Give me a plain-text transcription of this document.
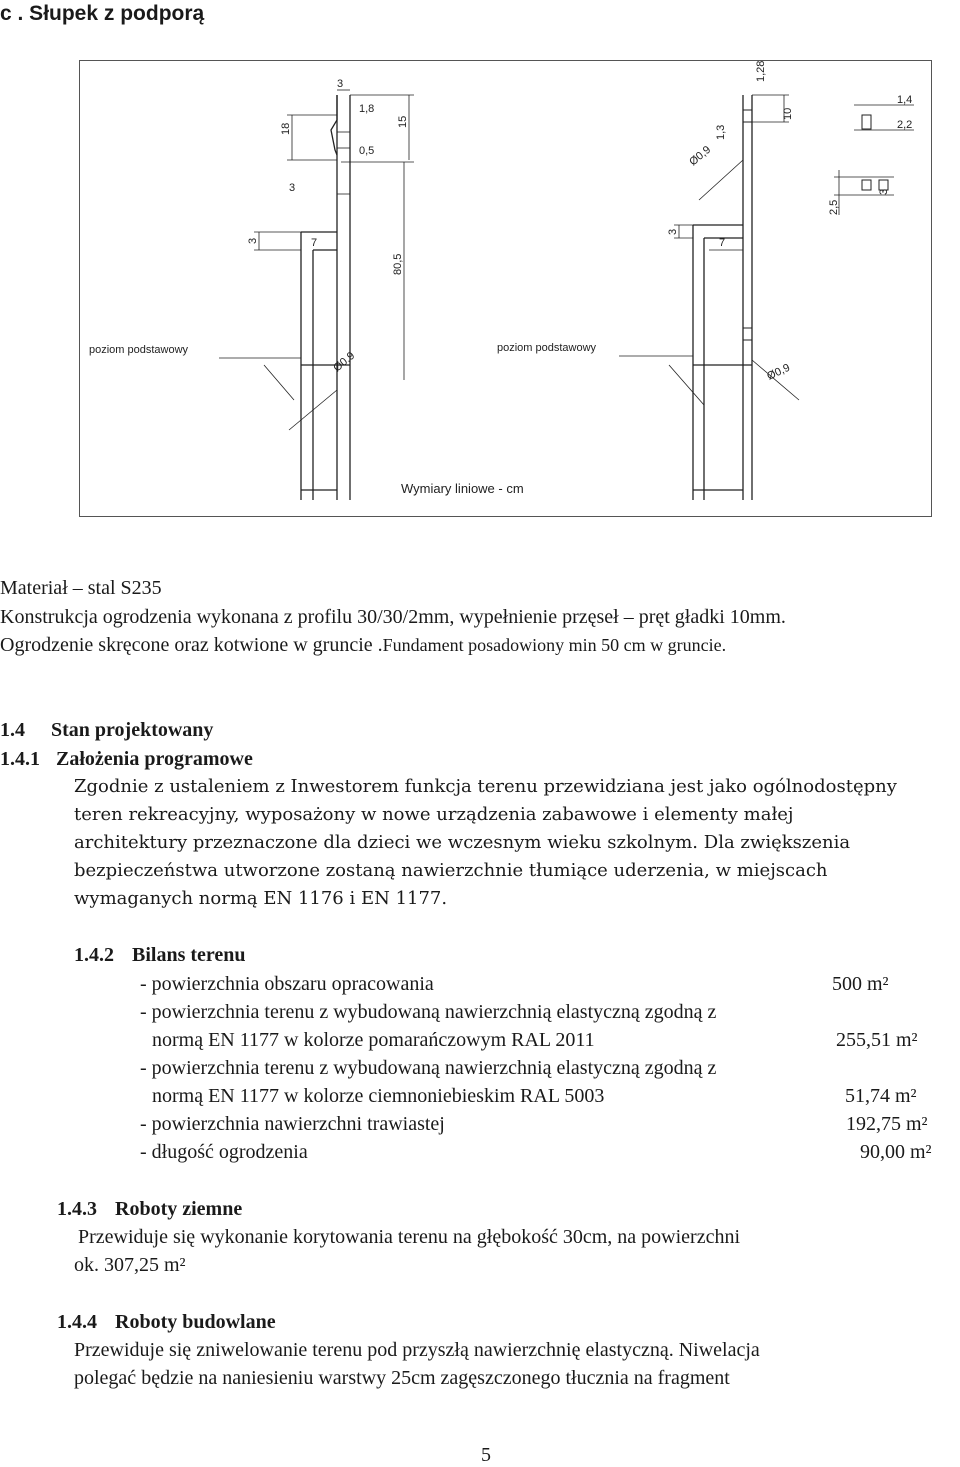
c . Słupek z podporą
3
1,8
18
15
0,5
3
3	7
80,5
Ø0,9
poziom podstawowy
1,28
1,3
Ø0,9
10
1,4
2,2
2,5
3
3
7
Ø0,9
poziom podstawowy
Wymiary liniowe - cm
Materiał – stal S235
Konstrukcja ogrodzenia wykonana z profilu 30/30/2mm, wypełnienie przęseł – pręt gładki 10mm.
Ogrodzenie skręcone oraz kotwione w gruncie .Fundament posadowiony min 50 cm w gruncie.
1.4 Stan projektowany
1.4.1 Założenia programowe
Zgodnie z ustaleniem z Inwestorem funkcja terenu przewidziana jest jako ogólnodostępny
teren rekreacyjny, wyposażony w nowe urządzenia zabawowe i elementy małej
architektury przeznaczone dla dzieci we wczesnym wieku szkolnym. Dla zwiększenia
bezpieczeństwa utworzone zostaną nawierzchnie tłumiące uderzenia, w miejscach
wymaganych normą EN 1176 i EN 1177.
1.4.2 Bilans terenu
- powierzchnia obszaru opracowania	500 m²
- powierzchnia terenu z wybudowaną nawierzchnią elastyczną zgodną z
normą EN 1177 w kolorze pomarańczowym RAL 2011	255,51 m²
- powierzchnia terenu z wybudowaną nawierzchnią elastyczną zgodną z
normą EN 1177 w kolorze ciemnoniebieskim RAL 5003	51,74 m²
- powierzchnia nawierzchni trawiastej	192,75 m²
- długość ogrodzenia	90,00 m²
1.4.3 Roboty ziemne
Przewiduje się wykonanie korytowania terenu na głębokość 30cm, na powierzchni
ok. 307,25 m²
1.4.4 Roboty budowlane
Przewiduje się zniwelowanie terenu pod przyszłą nawierzchnię elastyczną. Niwelacja
polegać będzie na naniesieniu warstwy 25cm zagęszczonego tłucznia na fragment
5
